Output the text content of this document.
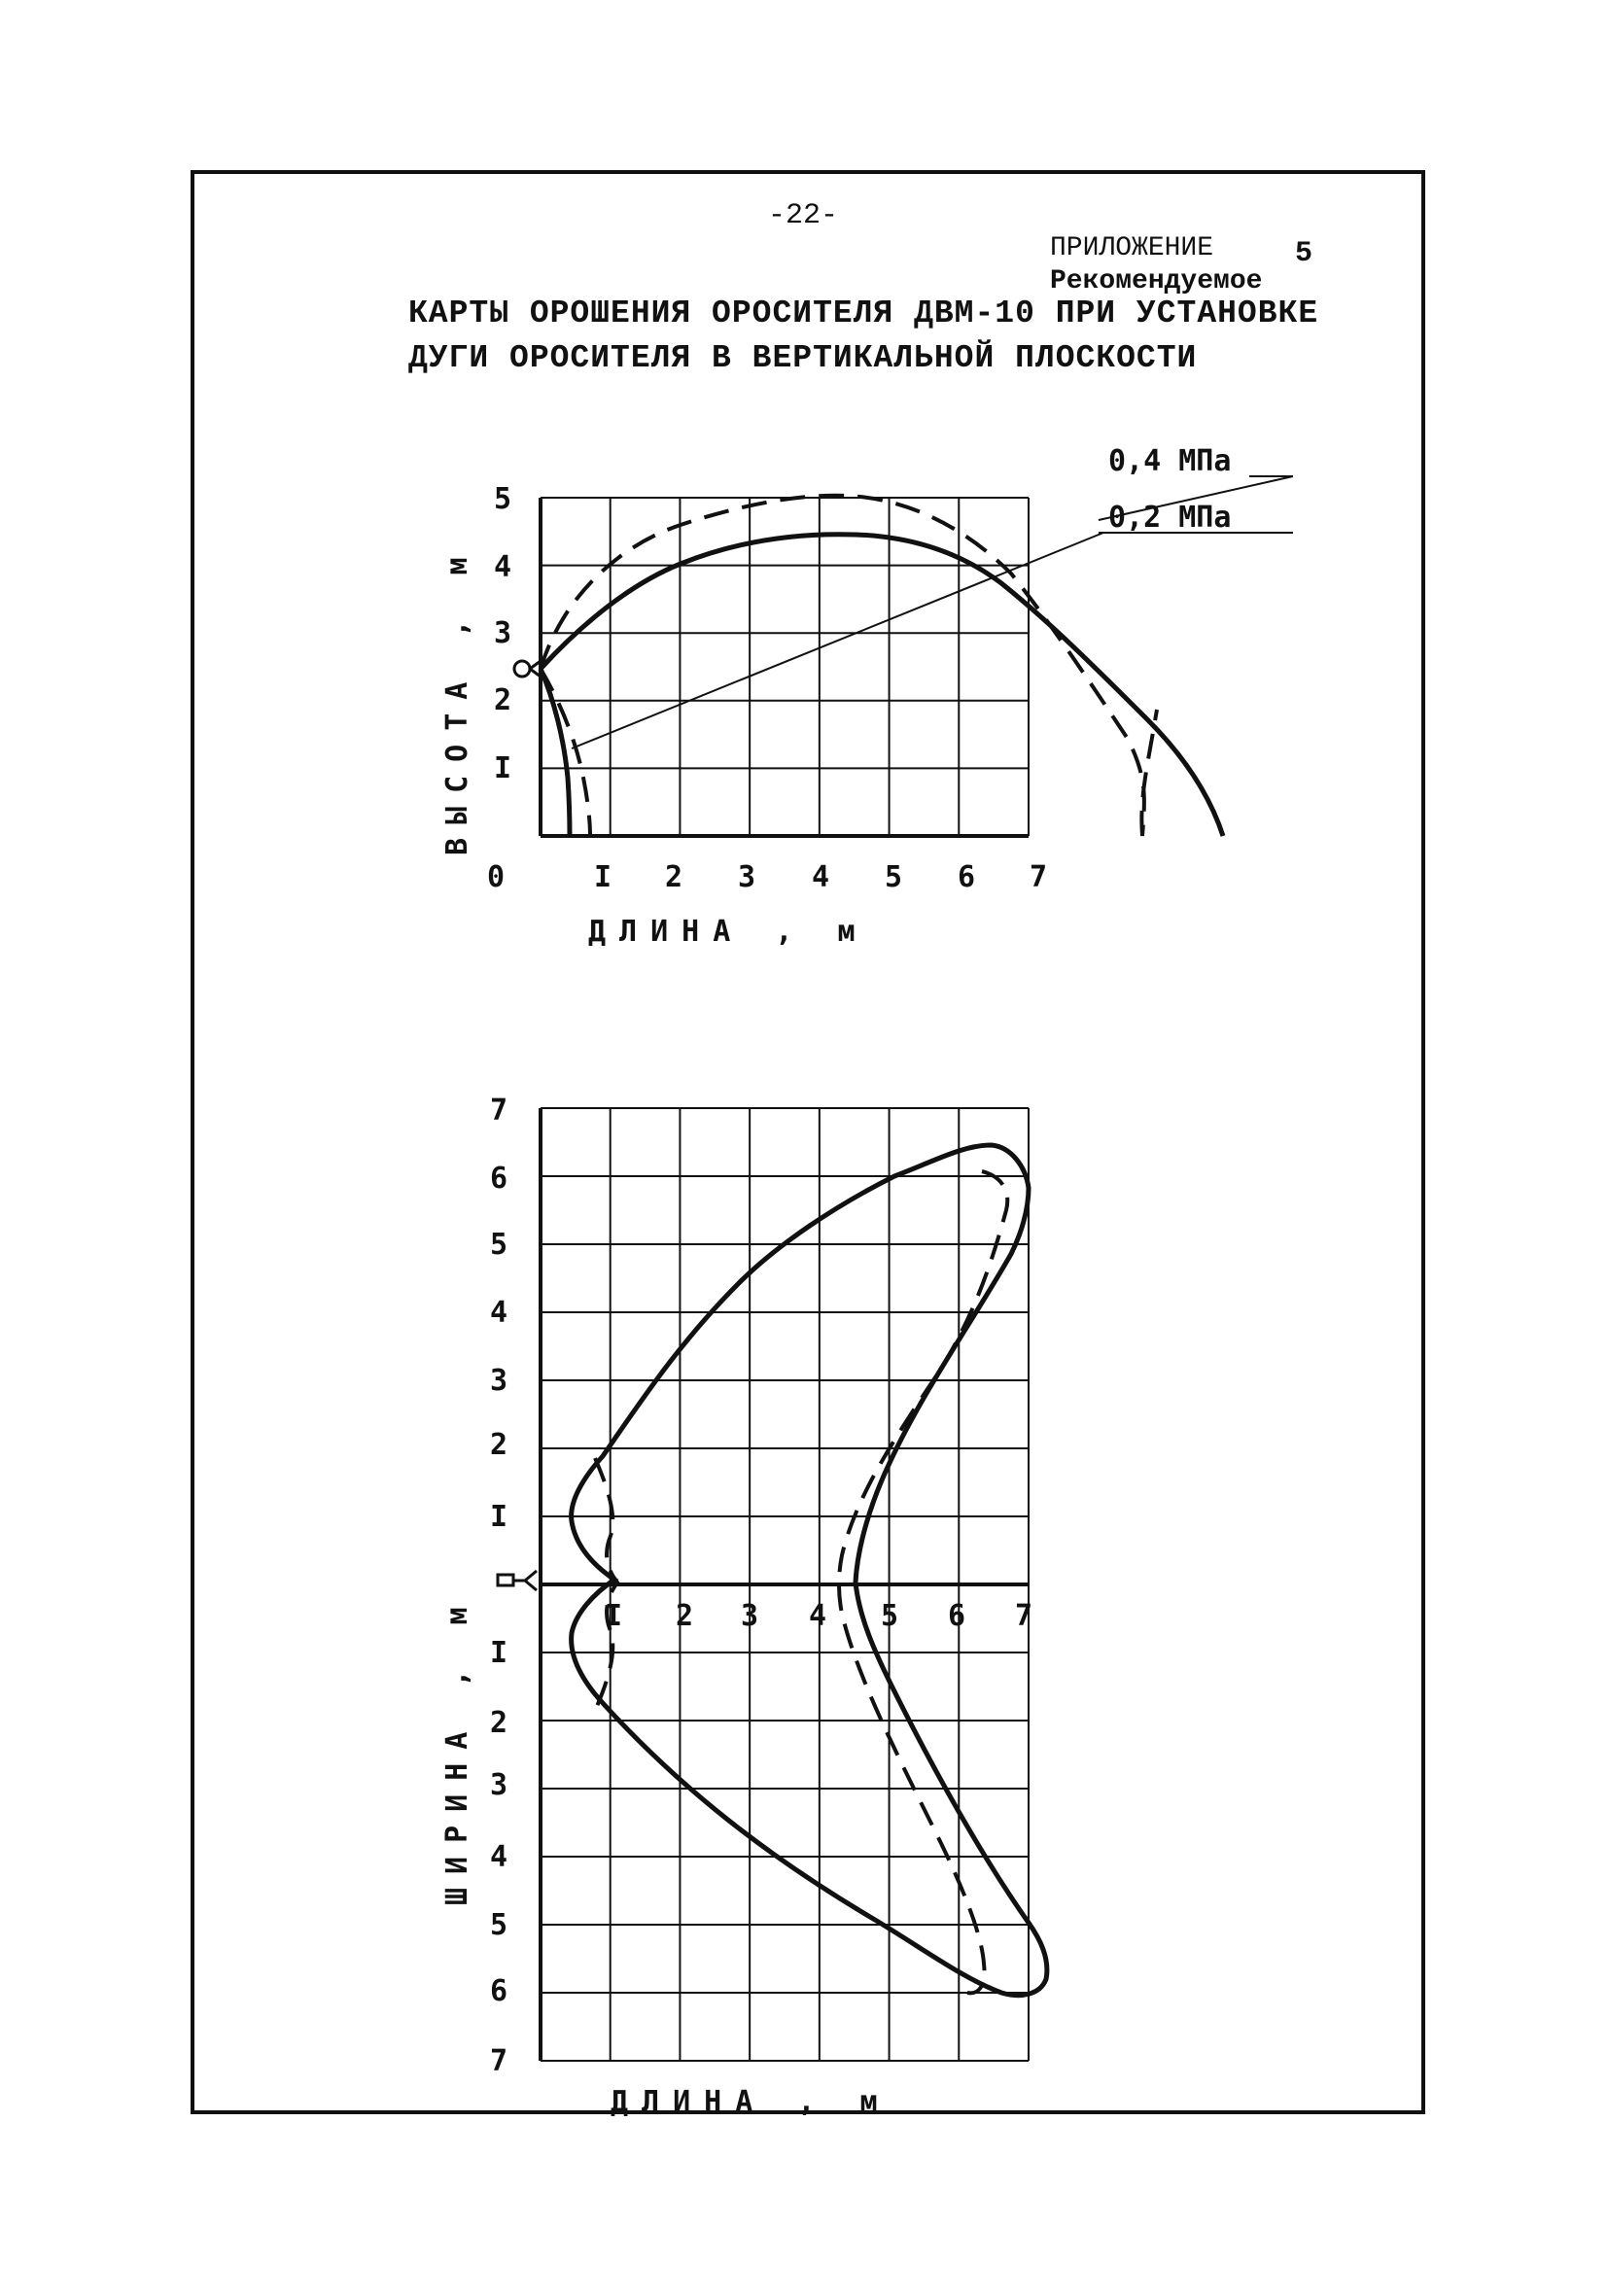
-22-
ПРИЛОЖЕНИЕ	5
Рекомендуемое
КАРТЫ ОРОШЕНИЯ ОРОСИТЕЛЯ ДВМ-10 ПРИ УСТАНОВКЕ
ДУГИ ОРОСИТЕЛЯ В ВЕРТИКАЛЬНОЙ ПЛОСКОСТИ
5
4
3
2
I
0	I 2 3 4 5 6 7
ДЛИНА , м
ВЫСОТА , м
0,4 МПа
0,2 МПа
7
6
5
4
3
2
I
I
2
3
4
5
6
7
I 2 3 4 5 6 7
ДЛИНА , м
ШИРИНА , м
